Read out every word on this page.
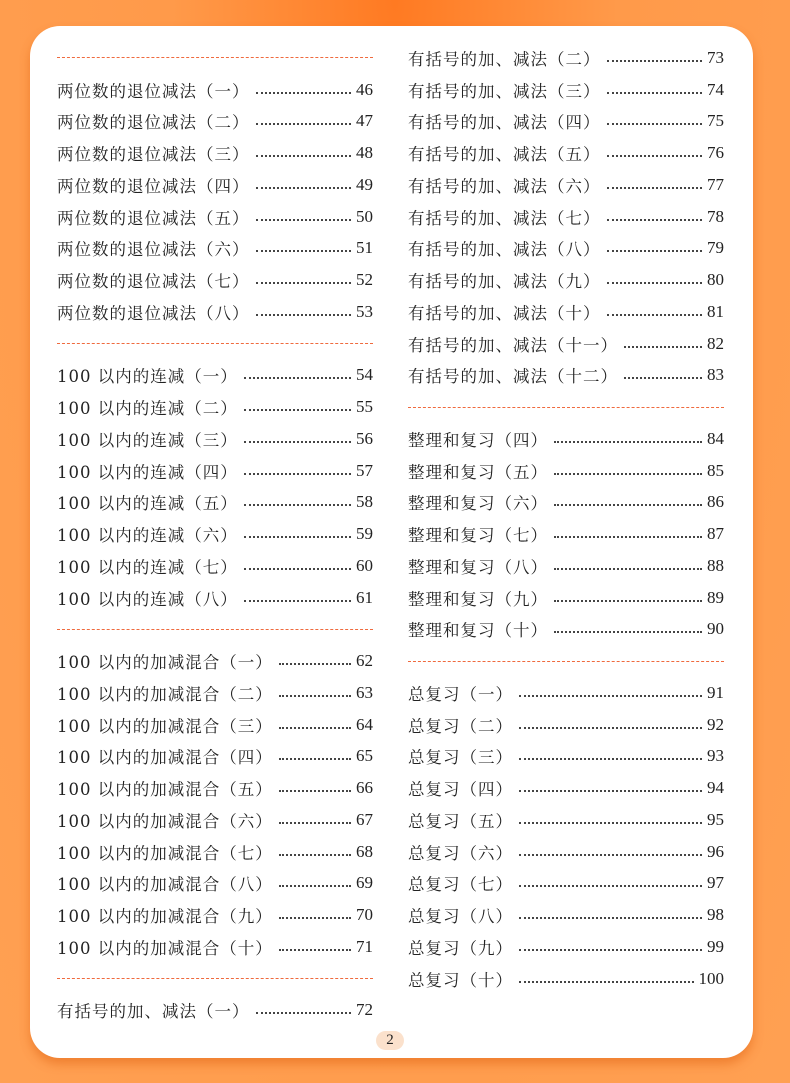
两位数的退位减法（一）	46
两位数的退位减法（二）	47
两位数的退位减法（三）	48
两位数的退位减法（四）	49
两位数的退位减法（五）	50
两位数的退位减法（六）	51
两位数的退位减法（七）	52
两位数的退位减法（八）	53
100 以内的连减（一）	54
100 以内的连减（二）	55
100 以内的连减（三）	56
100 以内的连减（四）	57
100 以内的连减（五）	58
100 以内的连减（六）	59
100 以内的连减（七）	60
100 以内的连减（八）	61
100 以内的加减混合（一）	62
100 以内的加减混合（二）	63
100 以内的加减混合（三）	64
100 以内的加减混合（四）	65
100 以内的加减混合（五）	66
100 以内的加减混合（六）	67
100 以内的加减混合（七）	68
100 以内的加减混合（八）	69
100 以内的加减混合（九）	70
100 以内的加减混合（十）	71
有括号的加、减法（一）	72
有括号的加、减法（二）	73
有括号的加、减法（三）	74
有括号的加、减法（四）	75
有括号的加、减法（五）	76
有括号的加、减法（六）	77
有括号的加、减法（七）	78
有括号的加、减法（八）	79
有括号的加、减法（九）	80
有括号的加、减法（十）	81
有括号的加、减法（十一）	82
有括号的加、减法（十二）	83
整理和复习（四）	84
整理和复习（五）	85
整理和复习（六）	86
整理和复习（七）	87
整理和复习（八）	88
整理和复习（九）	89
整理和复习（十）	90
总复习（一）	91
总复习（二）	92
总复习（三）	93
总复习（四）	94
总复习（五）	95
总复习（六）	96
总复习（七）	97
总复习（八）	98
总复习（九）	99
总复习（十）	100
2
